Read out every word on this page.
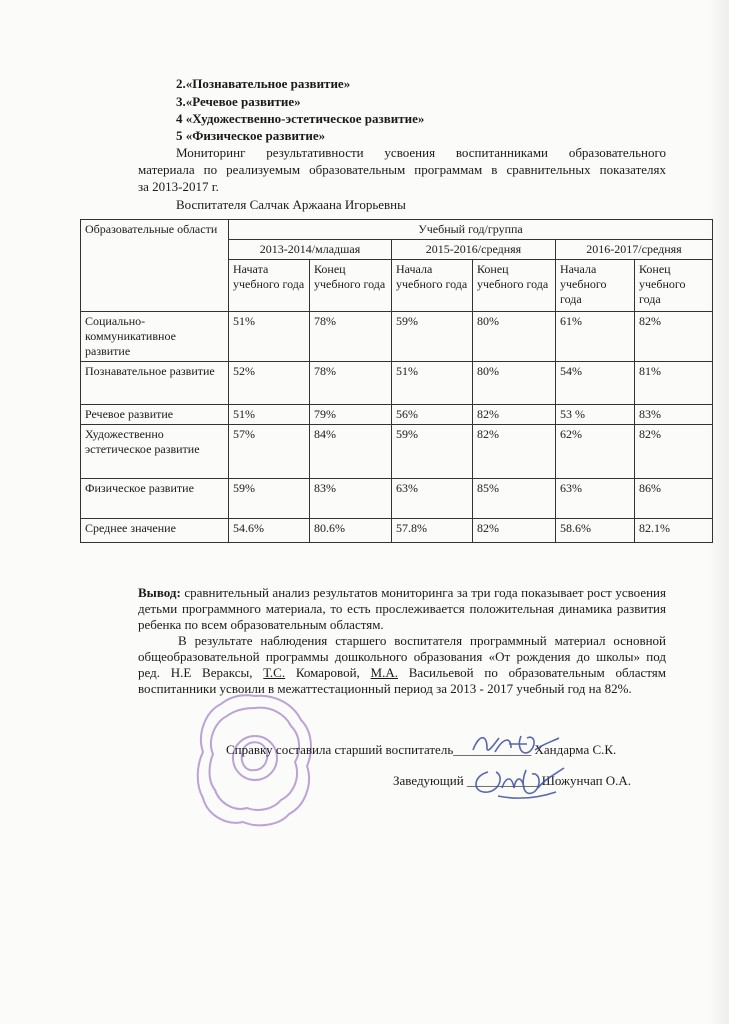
2.«Познавательное развитие»
3.«Речевое развитие»
4 «Художественно-эстетическое развитие»
5 «Физическое развитие»
Мониторинг результативности усвоения воспитанниками образовательного
материала по реализуемым образовательным программам в сравнительных показателях
за 2013-2017 г.
Воспитателя Салчак Аржаана Игорьевны
Образовательные области	Учебный год/группа					
	2013-2014/младшая		2015-2016/средняя		2016-2017/средняя	
	Начата учебного года	Конец учебного года	Начала учебного года	Конец учебного года	Начала учебного года	Конец учебного года
Социально-коммуникативное развитие	51%	78%	59%	80%	61%	82%
Познавательное развитие	52%	78%	51%	80%	54%	81%
Речевое развитие	51%	79%	56%	82%	53 %	83%
Художественно эстетическое развитие	57%	84%	59%	82%	62%	82%
Физическое развитие	59%	83%	63%	85%	63%	86%
Среднее значение	54.6%	80.6%	57.8%	82%	58.6%	82.1%

Вывод: сравнительный анализ результатов мониторинга за три года показывает рост усвоения детьми программного материала, то есть прослеживается положительная динамика развития ребенка по всем образовательным областям.

В результате наблюдения старшего воспитателя программный материал основной общеобразовательной программы дошкольного образования «От рождения до школы» под ред. Н.Е Вераксы, Т.С. Комаровой, М.А. Васильевой по образовательным областям воспитанники усвоили в межаттестационный период за 2013 - 2017 учебный год на 82%.

Справку составила старший воспитатель____________ Хандарма С.К.
Заведующий ___________ Шожунчап О.А.
